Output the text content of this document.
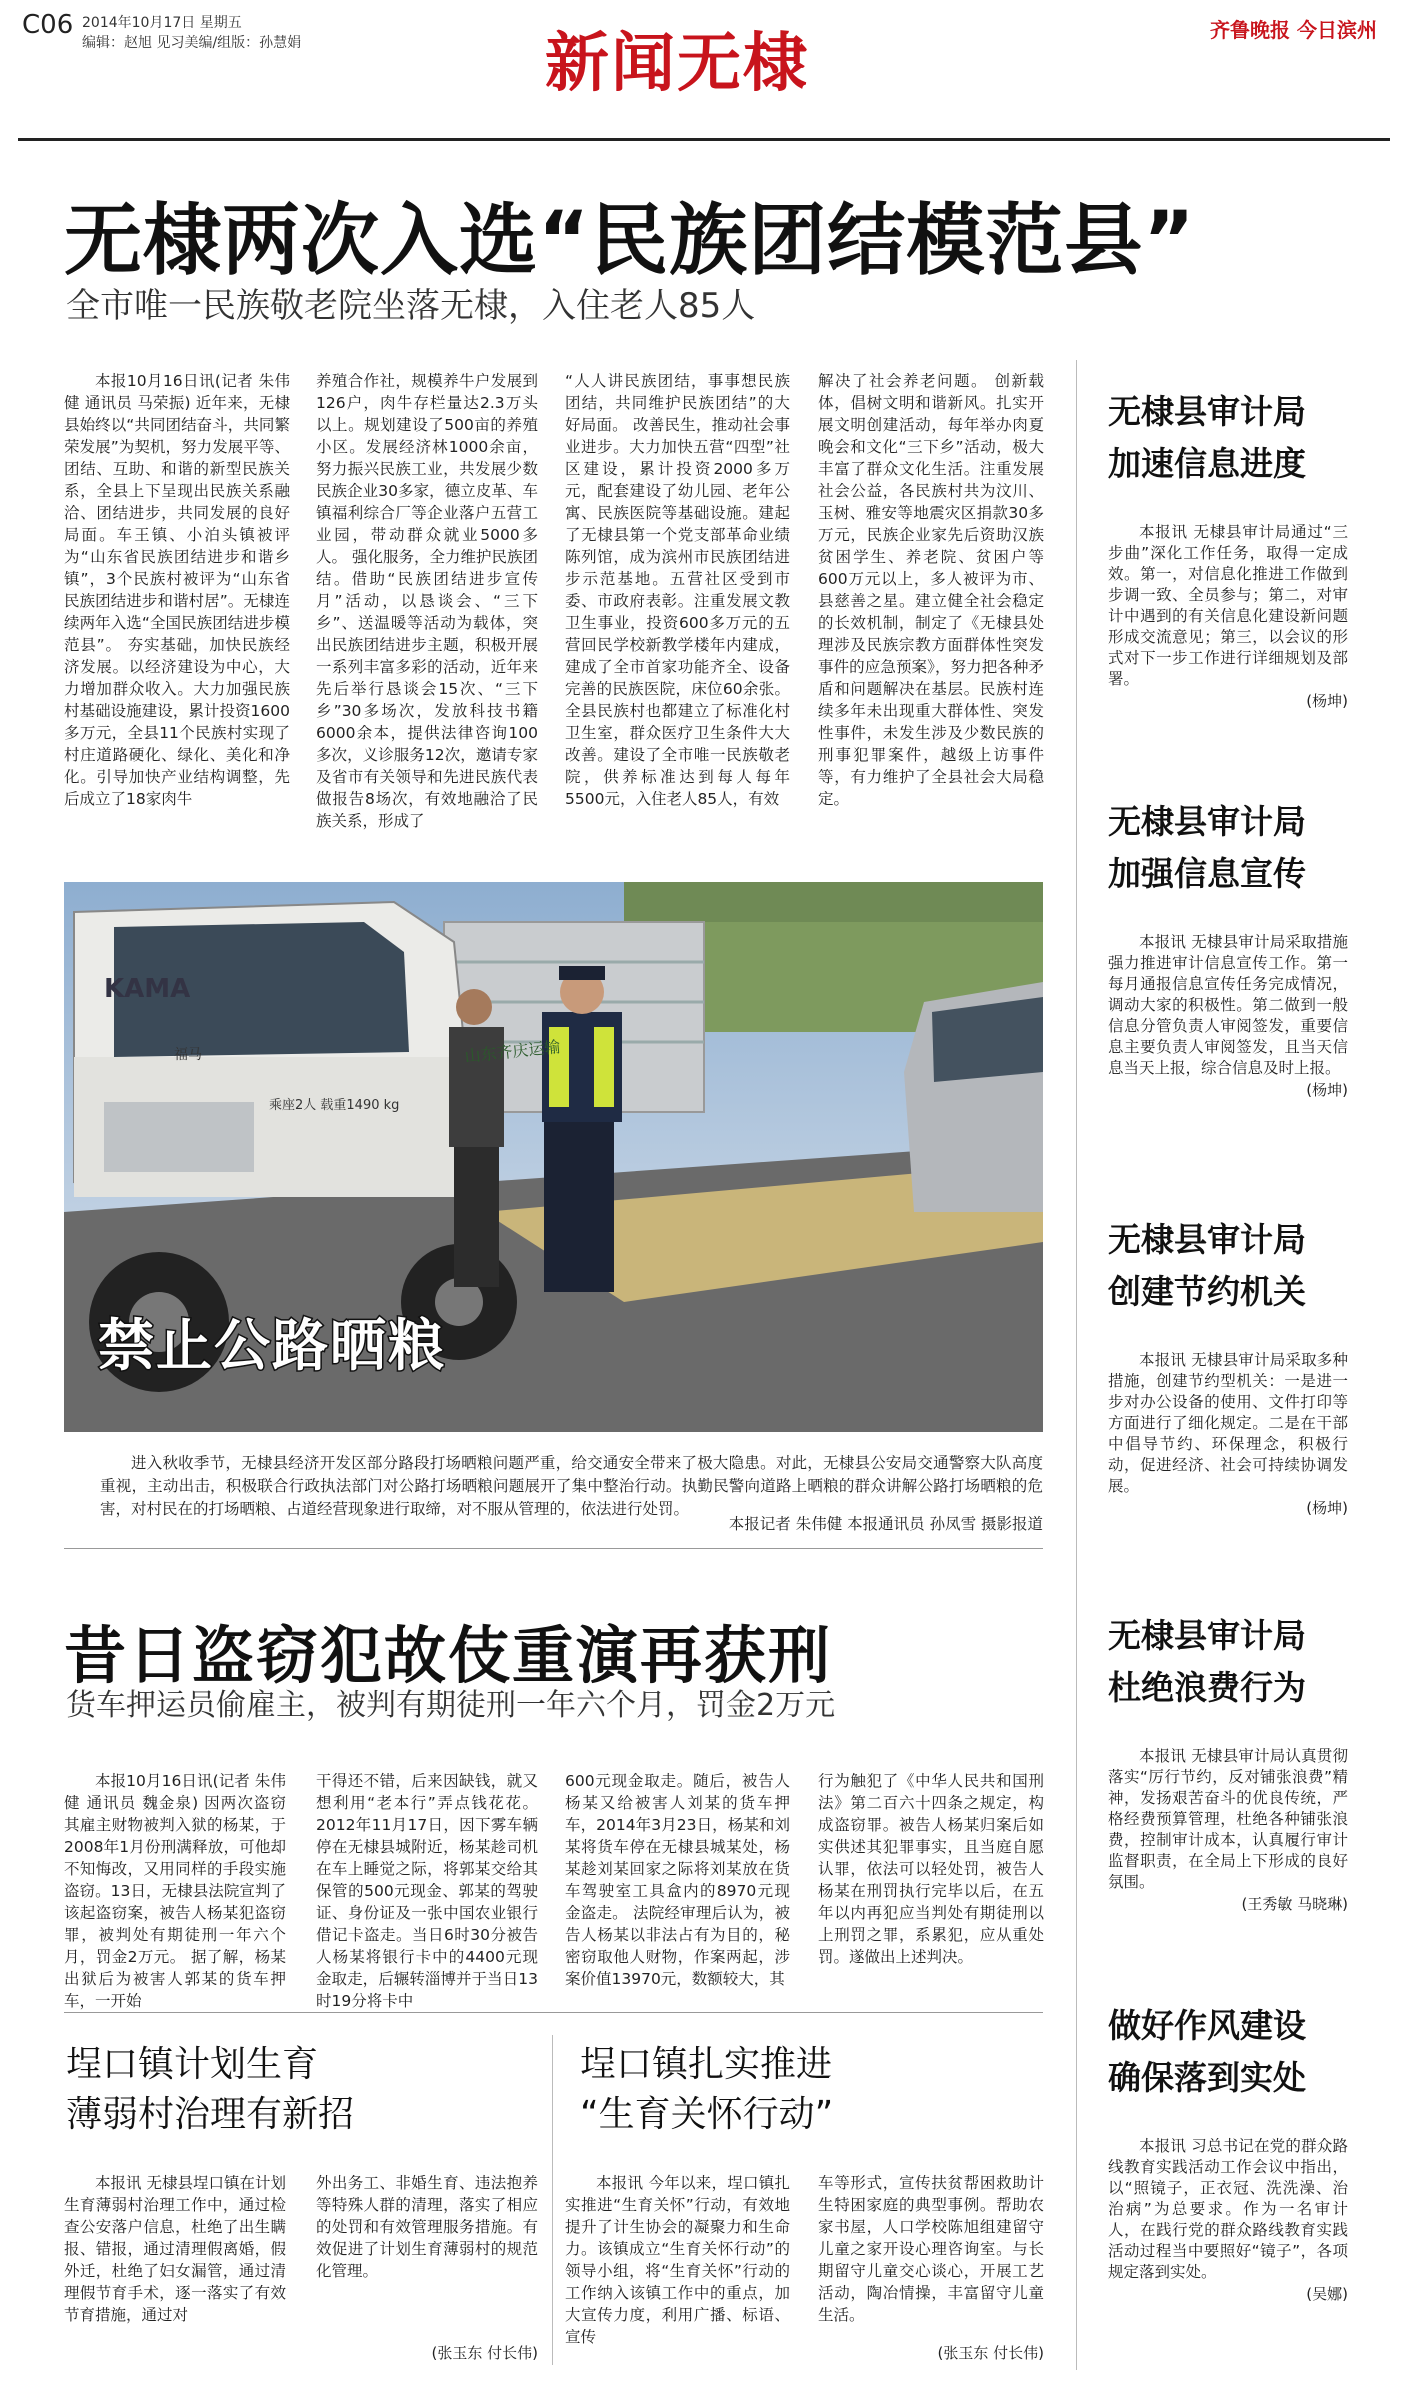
C06 2014年10月17日 星期五
编辑：赵旭 见习美编/组版：孙慧娟	新闻无棣	齐鲁晚报 今日滨州
无棣两次入选“民族团结模范县”
全市唯一民族敬老院坐落无棣，入住老人85人

本报10月16日讯(记者 朱伟健 通讯员 马荣振) 近年来，无棣县始终以“共同团结奋斗，共同繁荣发展”为契机，努力发展平等、团结、互助、和谐的新型民族关系，全县上下呈现出民族关系融洽、团结进步，共同发展的良好局面。车王镇、小泊头镇被评为“山东省民族团结进步和谐乡镇”，3个民族村被评为“山东省民族团结进步和谐村居”。无棣连续两年入选“全国民族团结进步模范县”。 夯实基础，加快民族经济发展。以经济建设为中心，大力增加群众收入。大力加强民族村基础设施建设，累计投资1600多万元，全县11个民族村实现了村庄道路硬化、绿化、美化和净化。引导加快产业结构调整，先后成立了18家肉牛

养殖合作社，规模养牛户发展到126户，肉牛存栏量达2.3万头以上。规划建设了500亩的养殖小区。发展经济林1000余亩，努力振兴民族工业，共发展少数民族企业30多家，德立皮革、车镇福利综合厂等企业落户五营工业园，带动群众就业5000多人。 强化服务，全力维护民族团结。借助“民族团结进步宣传月”活动，以恳谈会、“三下乡”、送温暖等活动为载体，突出民族团结进步主题，积极开展一系列丰富多彩的活动，近年来先后举行恳谈会15次、“三下乡”30多场次，发放科技书籍6000余本，提供法律咨询100多次，义诊服务12次，邀请专家及省市有关领导和先进民族代表做报告8场次，有效地融洽了民族关系，形成了

“人人讲民族团结，事事想民族团结，共同维护民族团结”的大好局面。 改善民生，推动社会事业进步。大力加快五营“四型”社区建设，累计投资2000多万元，配套建设了幼儿园、老年公寓、民族医院等基础设施。建起了无棣县第一个党支部革命业绩陈列馆，成为滨州市民族团结进步示范基地。五营社区受到市委、市政府表彰。注重发展文教卫生事业，投资600多万元的五营回民学校新教学楼年内建成，建成了全市首家功能齐全、设备完善的民族医院，床位60余张。全县民族村也都建立了标准化村卫生室，群众医疗卫生条件大大改善。建设了全市唯一民族敬老院，供养标准达到每人每年5500元，入住老人85人，有效

解决了社会养老问题。 创新载体，倡树文明和谐新风。扎实开展文明创建活动，每年举办肉夏晚会和文化“三下乡”活动，极大丰富了群众文化生活。注重发展社会公益，各民族村共为汶川、玉树、雅安等地震灾区捐款30多万元，民族企业家先后资助汉族贫困学生、养老院、贫困户等600万元以上，多人被评为市、县慈善之星。建立健全社会稳定的长效机制，制定了《无棣县处理涉及民族宗教方面群体性突发事件的应急预案》，努力把各种矛盾和问题解决在基层。民族村连续多年未出现重大群体性、突发性事件，未发生涉及少数民族的刑事犯罪案件，越级上访事件等，有力维护了全县社会大局稳定。

KAMA
福马	山东齐庆运输
乘座2人 载重1490 kg
禁止公路晒粮

进入秋收季节，无棣县经济开发区部分路段打场晒粮问题严重，给交通安全带来了极大隐患。对此，无棣县公安局交通警察大队高度重视，主动出击，积极联合行政执法部门对公路打场晒粮问题展开了集中整治行动。执勤民警向道路上晒粮的群众讲解公路打场晒粮的危害，对村民在的打场晒粮、占道经营现象进行取缔，对不服从管理的，依法进行处罚。

本报记者 朱伟健 本报通讯员 孙凤雪 摄影报道
昔日盗窃犯故伎重演再获刑
货车押运员偷雇主，被判有期徒刑一年六个月，罚金2万元

本报10月16日讯(记者 朱伟健 通讯员 魏金泉) 因两次盗窃其雇主财物被判入狱的杨某，于2008年1月份刑满释放，可他却不知悔改，又用同样的手段实施盗窃。13日，无棣县法院宣判了该起盗窃案，被告人杨某犯盗窃罪，被判处有期徒刑一年六个月，罚金2万元。 据了解，杨某出狱后为被害人郭某的货车押车，一开始

干得还不错，后来因缺钱，就又想利用“老本行”弄点钱花花。2012年11月17日，因下雾车辆停在无棣县城附近，杨某趁司机在车上睡觉之际，将郭某交给其保管的500元现金、郭某的驾驶证、身份证及一张中国农业银行借记卡盗走。当日6时30分被告人杨某将银行卡中的4400元现金取走，后辗转淄博并于当日13时19分将卡中

600元现金取走。随后，被告人杨某又给被害人刘某的货车押车，2014年3月23日，杨某和刘某将货车停在无棣县城某处，杨某趁刘某回家之际将刘某放在货车驾驶室工具盒内的8970元现金盗走。 法院经审理后认为，被告人杨某以非法占有为目的，秘密窃取他人财物，作案两起，涉案价值13970元，数额较大，其

行为触犯了《中华人民共和国刑法》第二百六十四条之规定，构成盗窃罪。被告人杨某归案后如实供述其犯罪事实，且当庭自愿认罪，依法可以轻处罚，被告人杨某在刑罚执行完毕以后，在五年以内再犯应当判处有期徒刑以上刑罚之罪，系累犯，应从重处罚。遂做出上述判决。

埕口镇计划生育
薄弱村治理有新招

本报讯 无棣县埕口镇在计划生育薄弱村治理工作中，通过检查公安落户信息，杜绝了出生瞒报、错报，通过清理假离婚，假外迁，杜绝了妇女漏管，通过清理假节育手术，逐一落实了有效节育措施，通过对

外出务工、非婚生育、违法抱养等特殊人群的清理，落实了相应的处罚和有效管理服务措施。有效促进了计划生育薄弱村的规范化管理。

(张玉东 付长伟)
埕口镇扎实推进
“生育关怀行动”

本报讯 今年以来，埕口镇扎实推进“生育关怀”行动，有效地提升了计生协会的凝聚力和生命力。该镇成立“生育关怀行动”的领导小组，将“生育关怀”行动的工作纳入该镇工作中的重点，加大宣传力度，利用广播、标语、宣传

车等形式，宣传扶贫帮困救助计生特困家庭的典型事例。帮助农家书屋，人口学校陈旭组建留守儿童之家开设心理咨询室。与长期留守儿童交心谈心，开展工艺活动，陶冶情操，丰富留守儿童生活。

(张玉东 付长伟)
无棣县审计局
加速信息进度

本报讯 无棣县审计局通过“三步曲”深化工作任务，取得一定成效。第一，对信息化推进工作做到步调一致、全员参与；第二，对审计中遇到的有关信息化建设新问题形成交流意见；第三，以会议的形式对下一步工作进行详细规划及部署。

(杨坤)
无棣县审计局
加强信息宣传

本报讯 无棣县审计局采取措施强力推进审计信息宣传工作。第一每月通报信息宣传任务完成情况，调动大家的积极性。第二做到一般信息分管负责人审阅签发，重要信息主要负责人审阅签发，且当天信息当天上报，综合信息及时上报。

(杨坤)
无棣县审计局
创建节约机关

本报讯 无棣县审计局采取多种措施，创建节约型机关：一是进一步对办公设备的使用、文件打印等方面进行了细化规定。二是在干部中倡导节约、环保理念，积极行动，促进经济、社会可持续协调发展。

(杨坤)
无棣县审计局
杜绝浪费行为

本报讯 无棣县审计局认真贯彻落实“厉行节约，反对铺张浪费”精神，发扬艰苦奋斗的优良传统，严格经费预算管理，杜绝各种铺张浪费，控制审计成本，认真履行审计监督职责，在全局上下形成的良好氛围。

(王秀敏 马晓琳)
做好作风建设
确保落到实处

本报讯 习总书记在党的群众路线教育实践活动工作会议中指出，以“照镜子，正衣冠、洗洗澡、治治病”为总要求。作为一名审计人，在践行党的群众路线教育实践活动过程当中要照好“镜子”，各项规定落到实处。

(吴娜)
